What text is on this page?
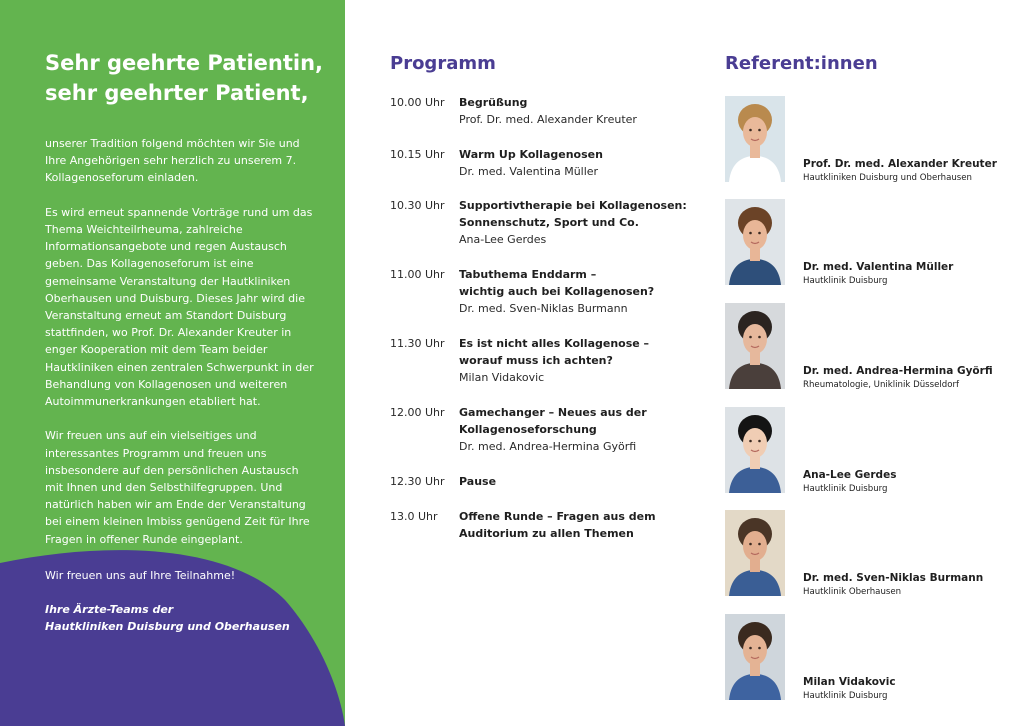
Sehr geehrte Patientin,
sehr geehrter Patient,

unserer Tradition folgend möchten wir Sie und Ihre Angehörigen sehr herzlich zu unserem 7. Kollagenoseforum einladen.

Es wird erneut spannende Vorträge rund um das Thema Weichteilrheuma, zahlreiche Informationsangebote und regen Austausch geben. Das Kollagenoseforum ist eine gemeinsame Veranstaltung der Hautkliniken Oberhausen und Duisburg. Dieses Jahr wird die Veranstaltung erneut am Standort Duisburg stattfinden, wo Prof. Dr. Alexander Kreuter in enger Kooperation mit dem Team beider Hautkliniken einen zentralen Schwerpunkt in der Behandlung von Kollagenosen und weiteren Autoimmunerkrankungen etabliert hat.

Wir freuen uns auf ein vielseitiges und interessantes Programm und freuen uns insbesondere auf den persönlichen Austausch mit Ihnen und den Selbsthilfegruppen. Und natürlich haben wir am Ende der Veranstaltung bei einem kleinen Imbiss genügend Zeit für Ihre Fragen in offener Runde eingeplant.

Wir freuen uns auf Ihre Teilnahme!

Ihre Ärzte-Teams der
Hautkliniken Duisburg und Oberhausen

Programm
10.00 Uhr	Begrüßung
Prof. Dr. med. Alexander Kreuter
10.15 Uhr	Warm Up Kollagenosen
Dr. med. Valentina Müller
10.30 Uhr	Supportivtherapie bei Kollagenosen:
Sonnenschutz, Sport und Co.
Ana-Lee Gerdes
11.00 Uhr	Tabuthema Enddarm –
wichtig auch bei Kollagenosen?
Dr. med. Sven-Niklas Burmann
11.30 Uhr	Es ist nicht alles Kollagenose –
worauf muss ich achten?
Milan Vidakovic
12.00 Uhr	Gamechanger – Neues aus der
Kollagenoseforschung
Dr. med. Andrea-Hermina Györfi
12.30 Uhr	Pause
13.0 Uhr	Offene Runde – Fragen aus dem
Auditorium zu allen Themen
Referent:innen
Prof. Dr. med. Alexander Kreuter
Hautkliniken Duisburg und Oberhausen
Dr. med. Valentina Müller
Hautklinik Duisburg
Dr. med. Andrea-Hermina Györfi
Rheumatologie, Uniklinik Düsseldorf
Ana-Lee Gerdes
Hautklinik Duisburg
Dr. med. Sven-Niklas Burmann
Hautklinik Oberhausen
Milan Vidakovic
Hautklinik Duisburg
